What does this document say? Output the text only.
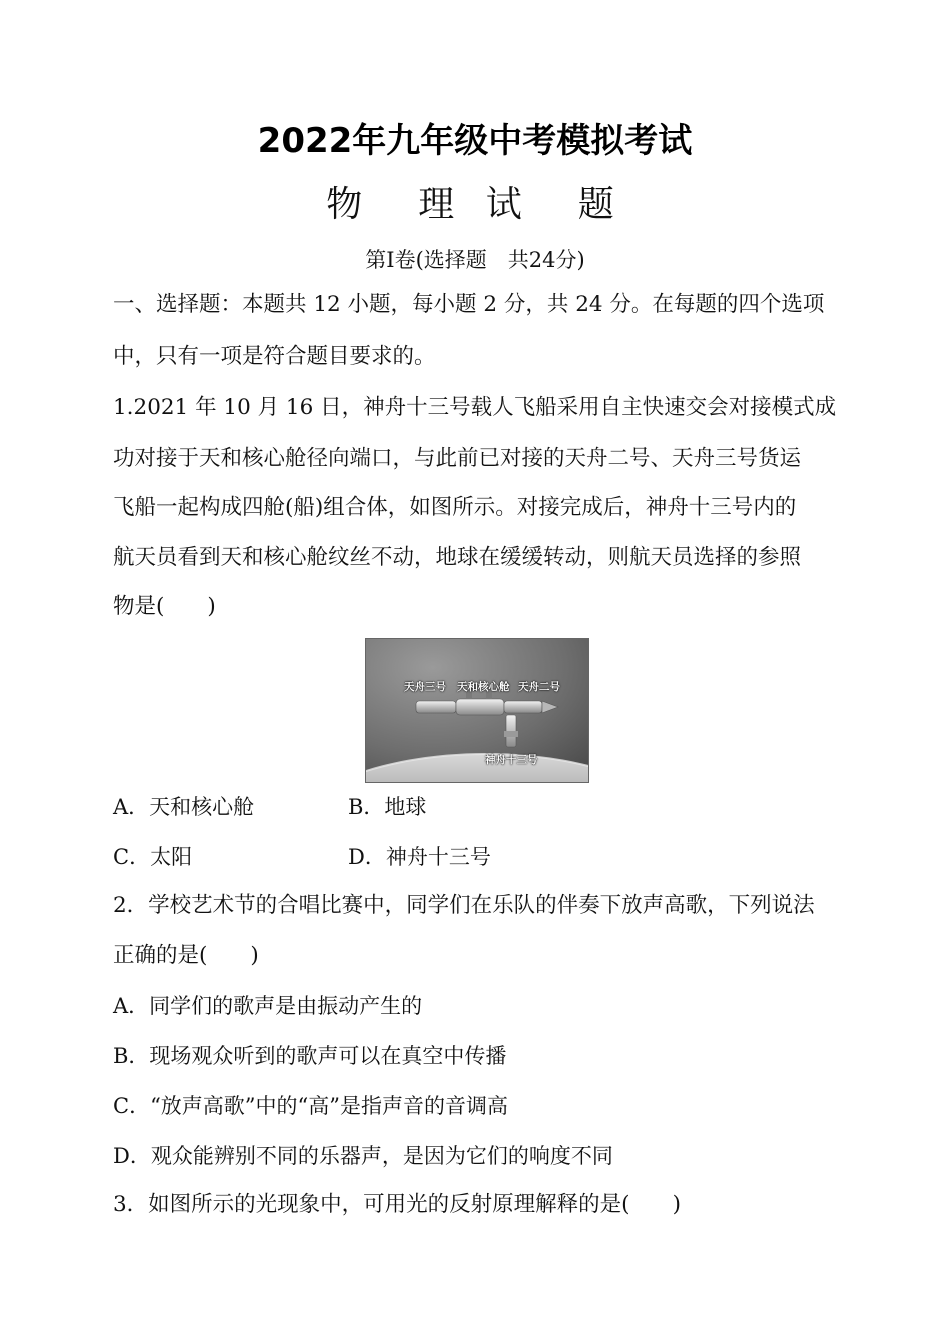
2022年九年级中考模拟考试
物　理 试　题
第Ⅰ卷(选择题　共24分)
一、选择题：本题共 12 小题，每小题 2 分，共 24 分。在每题的四个选项
中，只有一项是符合题目要求的。
1.2021 年 10 月 16 日，神舟十三号载人飞船采用自主快速交会对接模式成
功对接于天和核心舱径向端口，与此前已对接的天舟二号、天舟三号货运
飞船一起构成四舱(船)组合体，如图所示。对接完成后，神舟十三号内的
航天员看到天和核心舱纹丝不动，地球在缓缓转动，则航天员选择的参照
物是(　　)
天舟三号 天和核心舱 天舟二号
神舟十三号
A．天和核心舱	B．地球
C．太阳	D．神舟十三号
2．学校艺术节的合唱比赛中，同学们在乐队的伴奏下放声高歌，下列说法
正确的是(　　)
A．同学们的歌声是由振动产生的
B．现场观众听到的歌声可以在真空中传播
C．“放声高歌”中的“高”是指声音的音调高
D．观众能辨别不同的乐器声，是因为它们的响度不同
3．如图所示的光现象中，可用光的反射原理解释的是(　　)
